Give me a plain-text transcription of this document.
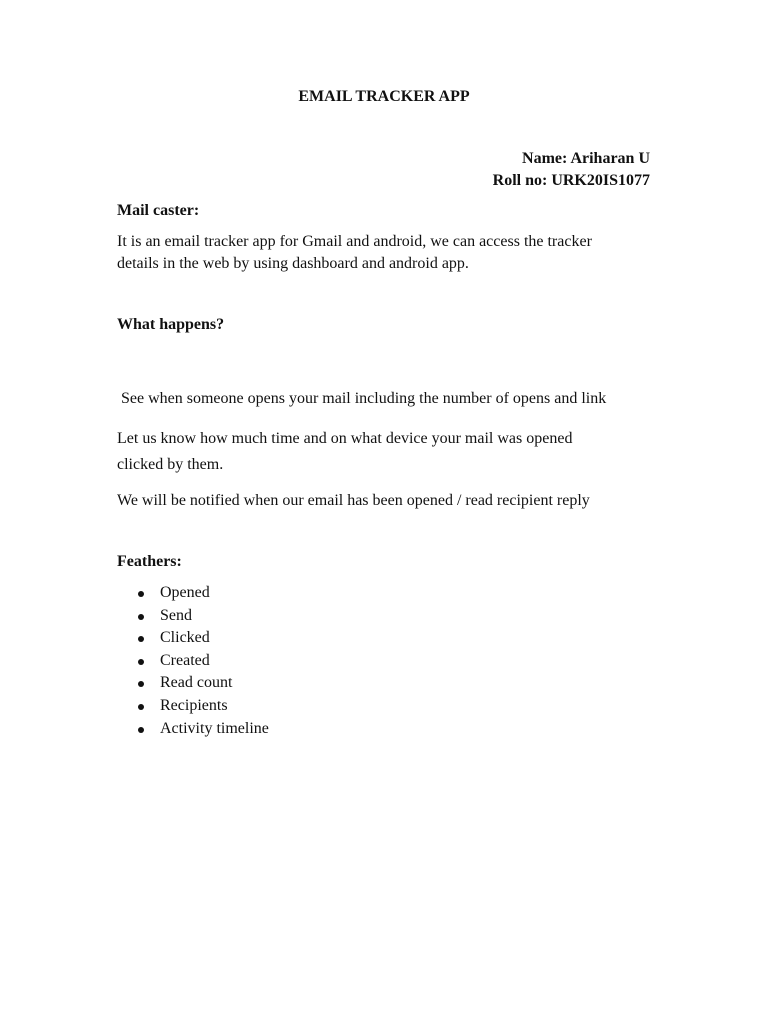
EMAIL TRACKER APP
Name: Ariharan U
Roll no: URK20IS1077
Mail caster:
It is an email tracker app for Gmail and android, we can access the tracker
details in the web by using dashboard and android app.
What happens?

See when someone opens your mail including the number of opens and link

clicked by them.

Let us know how much time and on what device your mail was opened
We will be notified when our email has been opened / read recipient reply
Feathers:
Opened
Send
Clicked
Created
Read count
Recipients
Activity timeline
